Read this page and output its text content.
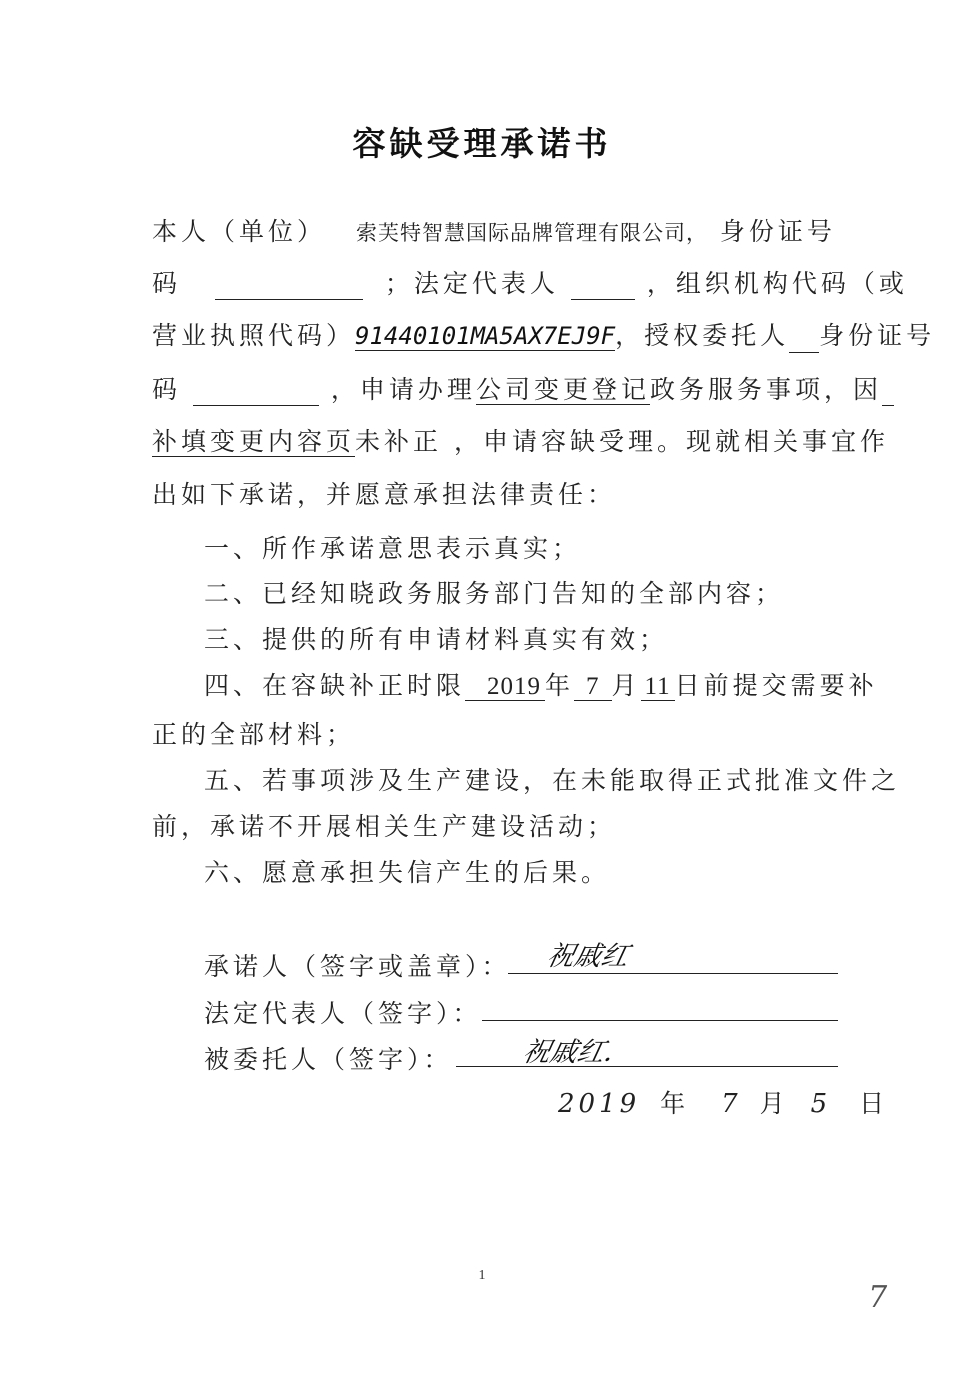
容缺受理承诺书
本人（单位） 索芙特智慧国际品牌管理有限公司， 身份证号
码	；法定代表人	，组织机构代码（或
营业执照代码）91440101MA5AX7EJ9F，授权委托人 身份证号
码	，申请办理公司变更登记政务服务事项，因
补填变更内容页未补正 ，申请容缺受理。现就相关事宜作
出如下承诺，并愿意承担法律责任：
一、所作承诺意思表示真实；
二、已经知晓政务服务部门告知的全部内容；
三、提供的所有申请材料真实有效；
四、在容缺补正时限 2019 年 7 月 11 日前提交需要补
正的全部材料；
五、若事项涉及生产建设，在未能取得正式批准文件之
前，承诺不开展相关生产建设活动；
六、愿意承担失信产生的后果。
承诺人（签字或盖章）： 祝戚红
法定代表人（签字）：
被委托人（签字）：	祝戚红．
2019 年 7 月 5 日
1
7
